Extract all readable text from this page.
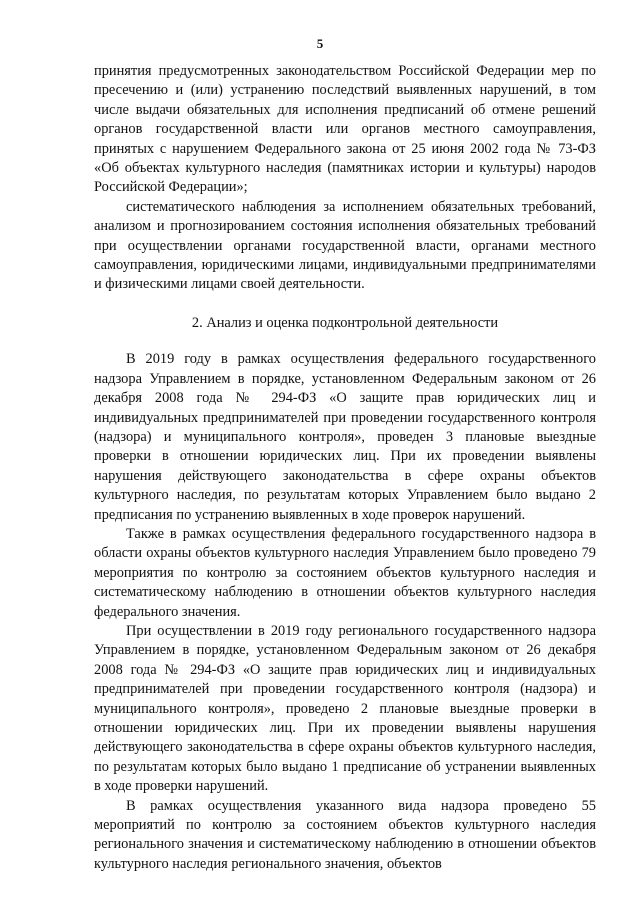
5

принятия предусмотренных законодательством Российской Федерации мер по пресечению и (или) устранению последствий выявленных нарушений, в том числе выдачи обязательных для исполнения предписаний об отмене решений органов государственной власти или органов местного самоуправления, принятых с нарушением Федерального закона от 25 июня 2002 года № 73-ФЗ «Об объектах культурного наследия (памятниках истории и культуры) народов Российской Федерации»;

систематического наблюдения за исполнением обязательных требований, анализом и прогнозированием состояния исполнения обязательных требований при осуществлении органами государственной власти, органами местного самоуправления, юридическими лицами, индивидуальными предпринимателями и физическими лицами своей деятельности.

2. Анализ и оценка подконтрольной деятельности

В 2019 году в рамках осуществления федерального государственного надзора Управлением в порядке, установленном Федеральным законом от 26 декабря 2008 года № 294-ФЗ «О защите прав юридических лиц и индивидуальных предпринимателей при проведении государственного контроля (надзора) и муниципального контроля», проведен 3 плановые выездные проверки в отношении юридических лиц. При их проведении выявлены нарушения действующего законодательства в сфере охраны объектов культурного наследия, по результатам которых Управлением было выдано 2 предписания по устранению выявленных в ходе проверок нарушений.

Также в рамках осуществления федерального государственного надзора в области охраны объектов культурного наследия Управлением было проведено 79 мероприятия по контролю за состоянием объектов культурного наследия и систематическому наблюдению в отношении объектов культурного наследия федерального значения.

При осуществлении в 2019 году регионального государственного надзора Управлением в порядке, установленном Федеральным законом от 26 декабря 2008 года № 294-ФЗ «О защите прав юридических лиц и индивидуальных предпринимателей при проведении государственного контроля (надзора) и муниципального контроля», проведено 2 плановые выездные проверки в отношении юридических лиц. При их проведении выявлены нарушения действующего законодательства в сфере охраны объектов культурного наследия, по результатам которых было выдано 1 предписание об устранении выявленных в ходе проверки нарушений.

В рамках осуществления указанного вида надзора проведено 55 мероприятий по контролю за состоянием объектов культурного наследия регионального значения и систематическому наблюдению в отношении объектов культурного наследия регионального значения, объектов
